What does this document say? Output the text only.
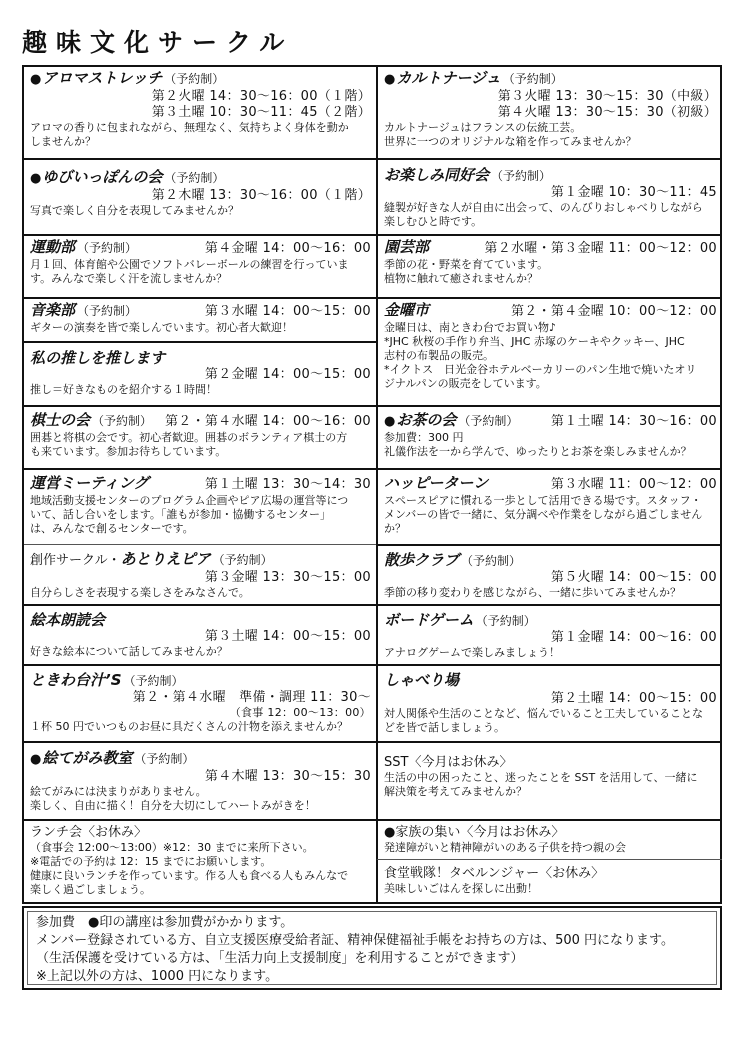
趣味文化サークル
● アロマストレッチ （予約制）
第２火曜 14：30〜16：00（１階）
第３土曜 10：30〜11：45（２階）
アロマの香りに包まれながら、無理なく、気持ちよく身体を動か
しませんか？
● ゆびいっぽんの会 （予約制）
第２木曜 13：30〜16：00（１階）
写真で楽しく自分を表現してみませんか？
運動部 （予約制）	第４金曜 14：00〜16：00
月１回、体育館や公園でソフトバレーボールの練習を行っていま
す。みんなで楽しく汗を流しませんか？
音楽部 （予約制）	第３水曜 14：00〜15：00
ギターの演奏を皆で楽しんでいます。初心者大歓迎！
私の推しを推します
第２金曜 14：00〜15：00
推し＝好きなものを紹介する１時間！
棋士の会 （予約制） 第２・第４水曜 14：00〜16：00
囲碁と将棋の会です。初心者歓迎。囲碁のボランティア棋士の方
も来ています。参加お待ちしています。
運営ミーティング	第１土曜 13：30〜14：30
地域活動支援センターのプログラム企画やピア広場の運営等につ
いて、話し合いをします。「誰もが参加・協働するセンター」
は、みんなで創るセンターです。
創作サークル・ あとりえピア （予約制）
第３金曜 13：30〜15：00
自分らしさを表現する楽しさをみなさんで。
絵本朗読会
第３土曜 14：00〜15：00
好きな絵本について話してみませんか？
ときわ台汁’S （予約制）
第２・第４水曜　準備・調理 11：30〜
（食事 12：00〜13：00）
１杯 50 円でいつものお昼に具だくさんの汁物を添えませんか？
● 絵てがみ教室 （予約制）
第４木曜 13：30〜15：30
絵てがみには決まりがありません。
楽しく、自由に描く！自分を大切にしてハートみがきを！
ランチ会〈お休み〉
（食事会 12:00〜13:00）※12：30 までに来所下さい。
※電話での予約は 12：15 までにお願いします。
健康に良いランチを作っています。作る人も食べる人もみんなで
楽しく過ごしましょう。
● カルトナージュ （予約制）
第３火曜 13：30〜15：30（中級）
第４火曜 13：30〜15：30（初級）
カルトナージュはフランスの伝統工芸。
世界に一つのオリジナルな箱を作ってみませんか？
お楽しみ同好会 （予約制）
第１金曜 10：30〜11：45
縫製が好きな人が自由に出会って、のんびりおしゃべりしながら
楽しむひと時です。
園芸部	第２水曜・第３金曜 11：00〜12：00
季節の花・野菜を育てています。
植物に触れて癒されませんか？
金曜市	第２・第４金曜 10：00〜12：00
金曜日は、南ときわ台でお買い物♪
*JHC 秋桜の手作り弁当、JHC 赤塚のケーキやクッキー、JHC
志村の布製品の販売。
*イクトス　日光金谷ホテルベーカリーのパン生地で焼いたオリ
ジナルパンの販売をしています。
● お茶の会 （予約制）	第１土曜 14：30〜16：00
参加費：300 円
礼儀作法を一から学んで、ゆったりとお茶を楽しみませんか？
ハッピーターン	第３水曜 11：00〜12：00
スペースピアに慣れる一歩として活用できる場です。スタッフ・
メンバーの皆で一緒に、気分調べや作業をしながら過ごしません
か？
散歩クラブ （予約制）
第５火曜 14：00〜15：00
季節の移り変わりを感じながら、一緒に歩いてみませんか？
ボードゲーム （予約制）
第１金曜 14：00〜16：00
アナログゲームで楽しみましょう！
しゃべり場
第２土曜 14：00〜15：00
対人関係や生活のことなど、悩んでいること工夫していることな
どを皆で話しましょう。
SST〈今月はお休み〉
生活の中の困ったこと、迷ったことを SST を活用して、一緒に
解決策を考えてみませんか？
●家族の集い〈今月はお休み〉
発達障がいと精神障がいのある子供を持つ親の会
食堂戦隊！タベルンジャー〈お休み〉
美味しいごはんを探しに出動！
参加費　●印の講座は参加費がかかります。
メンバー登録されている方、自立支援医療受給者証、精神保健福祉手帳をお持ちの方は、500 円になります。
（生活保護を受けている方は、「生活力向上支援制度」を利用することができます）
※上記以外の方は、1000 円になります。
